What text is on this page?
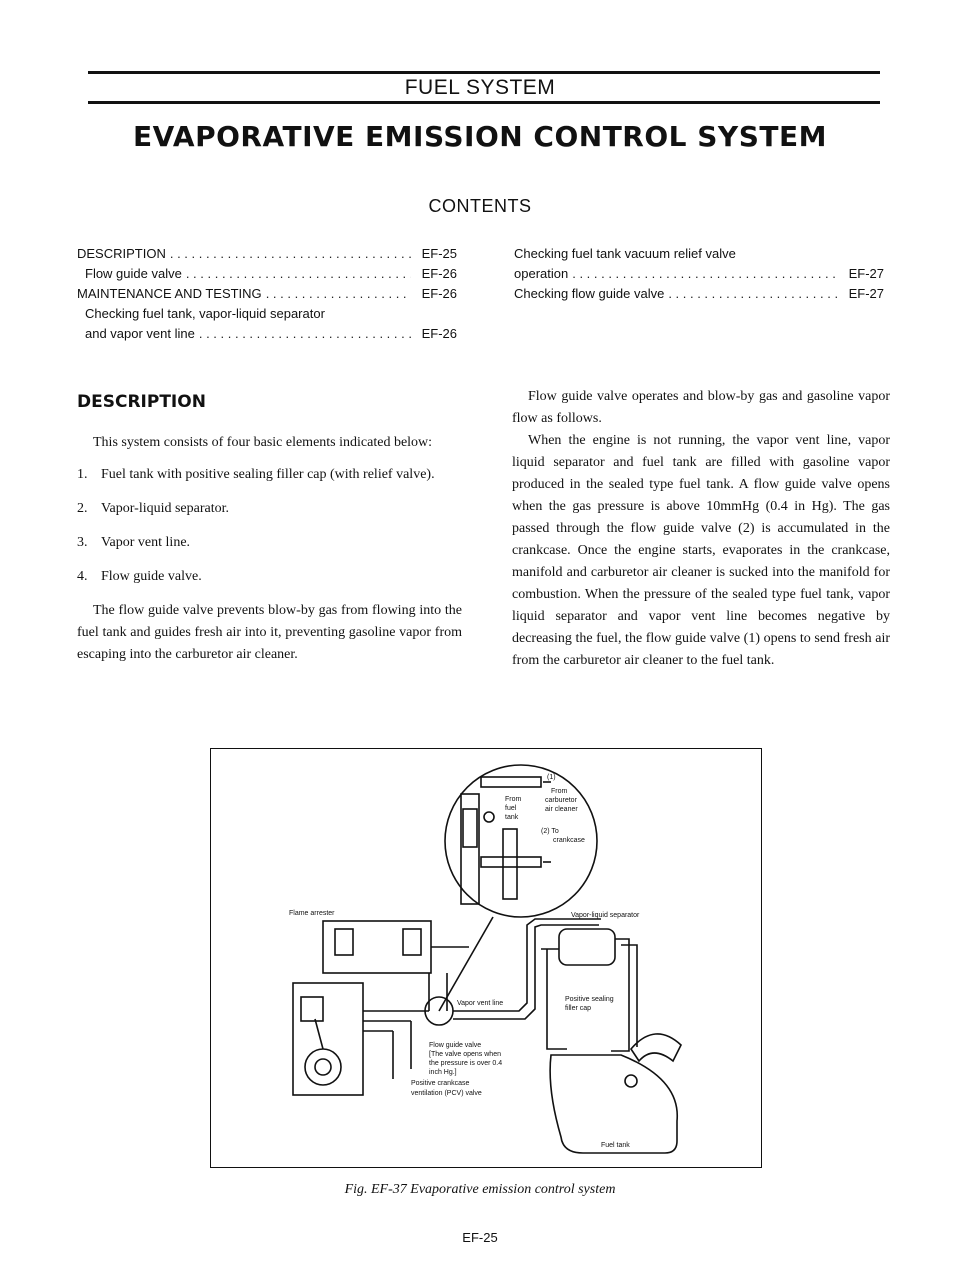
FUEL SYSTEM
EVAPORATIVE EMISSION CONTROL SYSTEM
CONTENTS
DESCRIPTION . . .	EF-25
Flow guide valve . . .	EF-26
MAINTENANCE AND TESTING . . .	EF-26
Checking fuel tank, vapor-liquid separator
and vapor vent line . . .	EF-26
Checking fuel tank vacuum relief valve
operation . . .	EF-27
Checking flow guide valve . . .	EF-27
DESCRIPTION

This system consists of four basic elements indicated below:

1. Fuel tank with positive sealing filler cap (with relief valve).
2. Vapor-liquid separator.
3. Vapor vent line.
4. Flow guide valve.

The flow guide valve prevents blow-by gas from flowing into the fuel tank and guides fresh air into it, preventing gasoline vapor from escaping into the carburetor air cleaner.

Flow guide valve operates and blow-by gas and gasoline vapor flow as follows.

When the engine is not running, the vapor vent line, vapor liquid separator and fuel tank are filled with gasoline vapor produced in the sealed type fuel tank. A flow guide valve opens when the gas pressure is above 10mmHg (0.4 in Hg). The gas passed through the flow guide valve (2) is accumulated in the crankcase. Once the engine starts, evaporates in the crankcase, manifold and carburetor air cleaner is sucked into the manifold for combustion. When the pressure of the sealed type fuel tank, vapor liquid separator and vapor vent line becomes negative by decreasing the fuel, the flow guide valve (1) opens to send fresh air from the carburetor air cleaner to the fuel tank.

(1)
From
carburetor
air cleaner
From
fuel
tank
(2) To
crankcase
Flame arrester	Vapor-liquid separator
Vapor vent line
Positive sealing
filler cap
Flow guide valve
[The valve opens when
the pressure is over 0.4
inch Hg.]
Positive crankcase
ventilation (PCV) valve
Fuel tank
Fig. EF-37 Evaporative emission control system
EF-25
